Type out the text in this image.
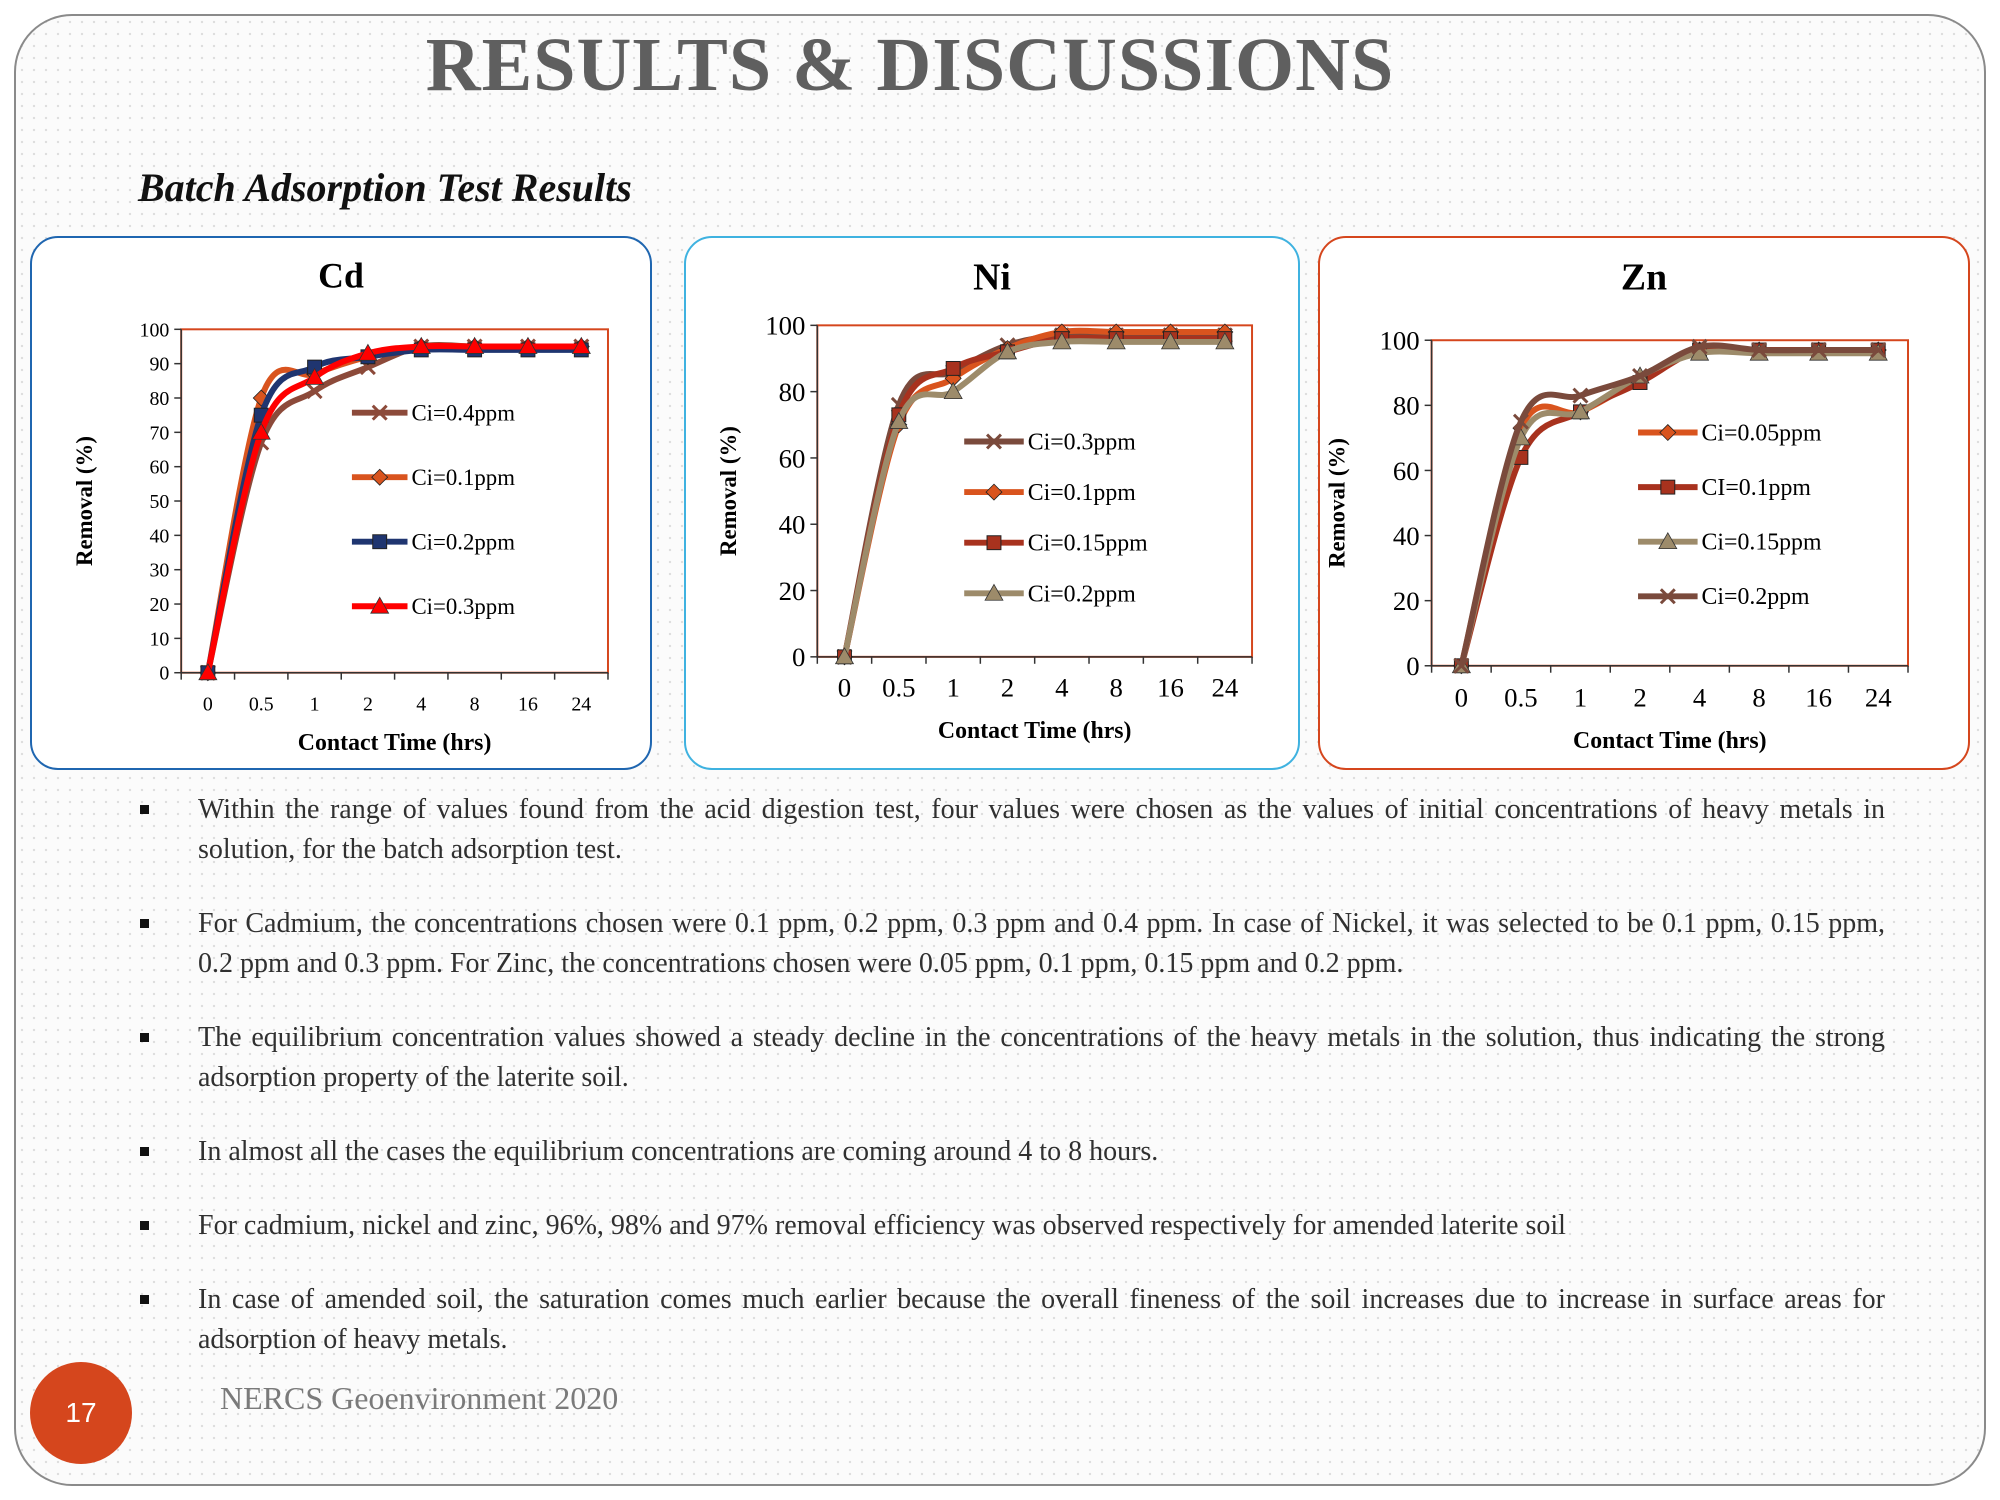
RESULTS & DISCUSSIONS
Batch Adsorption Test Results
Cd
0
10
20
30
40
50
60
70
80
90
100
0 0.5 1 2 4 8 16 24
Contact Time (hrs)
Removal (%)
Ci=0.4ppm
Ci=0.1ppm
Ci=0.2ppm
Ci=0.3ppm
Ni
0
20
40
60
80
100
0 0.5 1 2 4 8 16 24
Contact Time (hrs)
Removal (%)	Ci=0.3ppm
Ci=0.1ppm
Ci=0.15ppm
Ci=0.2ppm
Zn
0
20
40
60
80
100
0 0.5 1 2 4 8 16 24
Contact Time (hrs)
Removal (%)
Ci=0.05ppm
CI=0.1ppm
Ci=0.15ppm
Ci=0.2ppm
Within the range of values found from the acid digestion test, four values were chosen as the values of initial concentrations of heavy metals in solution, for the batch adsorption test.
For Cadmium, the concentrations chosen were 0.1 ppm, 0.2 ppm, 0.3 ppm and 0.4 ppm. In case of Nickel, it was selected to be 0.1 ppm, 0.15 ppm, 0.2 ppm and 0.3 ppm. For Zinc, the concentrations chosen were 0.05 ppm, 0.1 ppm, 0.15 ppm and 0.2 ppm.
The equilibrium concentration values showed a steady decline in the concentrations of the heavy metals in the solution, thus indicating the strong adsorption property of the laterite soil.
In almost all the cases the equilibrium concentrations are coming around 4 to 8 hours.
For cadmium, nickel and zinc, 96%, 98% and 97% removal efficiency was observed respectively for amended laterite soil
In case of amended soil, the saturation comes much earlier because the overall fineness of the soil increases due to increase in surface areas for adsorption of heavy metals.
17	NERCS Geoenvironment 2020
